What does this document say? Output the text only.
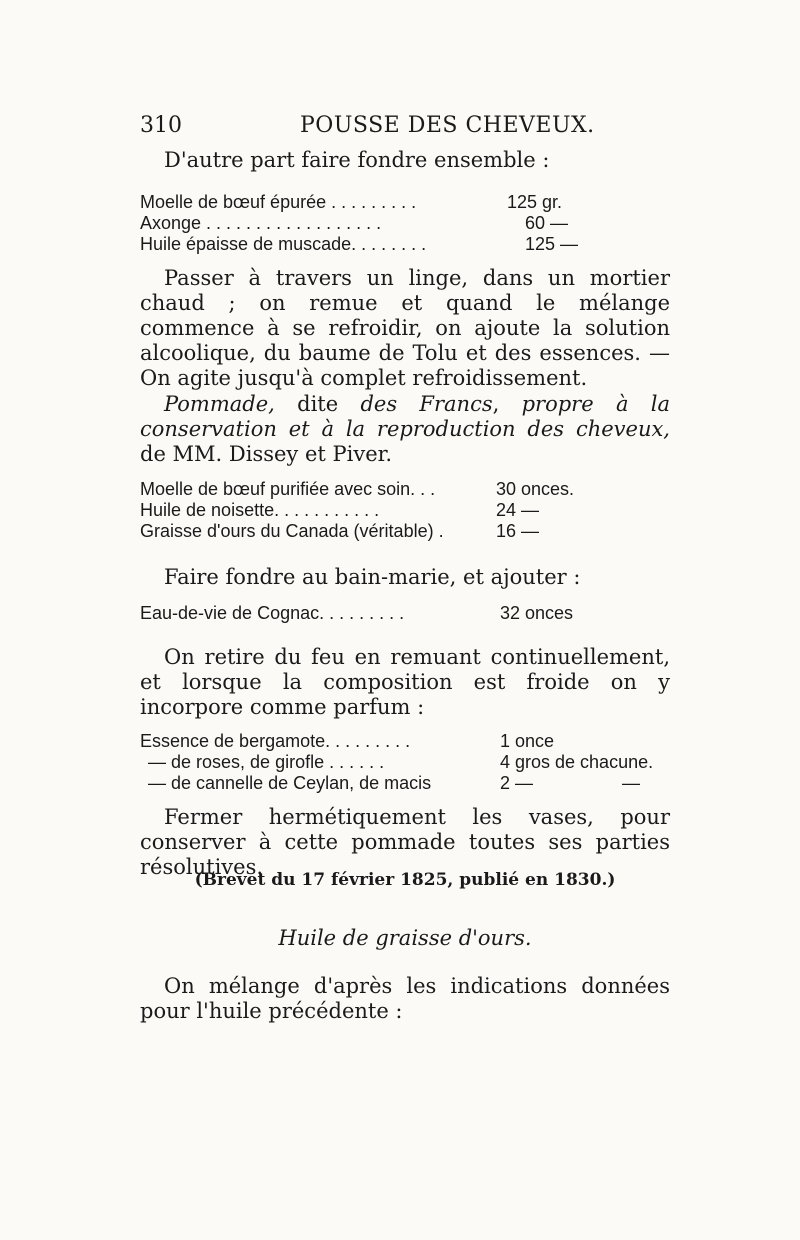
310	POUSSE DES CHEVEUX.
D'autre part faire fondre ensemble :
Moelle de bœuf épurée . . . . . . . . .	125 gr.
Axonge . . . . . . . . . . . . . . . . . .	60 —
Huile épaisse de muscade. . . . . . . .	125 —
Passer à travers un linge, dans un mortier chaud ; on remue et quand le mélange commence à se refroidir, on ajoute la solution alcoolique, du baume de Tolu et des essences. — On agite jusqu'à complet refroidissement.
Pommade, dite des Francs, propre à la conservation et à la reproduction des cheveux, de MM. Dissey et Piver.
Moelle de bœuf purifiée avec soin. . .	30 onces.
Huile de noisette. . . . . . . . . . .	24 —
Graisse d'ours du Canada (véritable) .	16 —
Faire fondre au bain-marie, et ajouter :
Eau-de-vie de Cognac. . . . . . . . .	32 onces
On retire du feu en remuant continuellement, et lorsque la composition est froide on y incorpore comme parfum :
Essence de bergamote. . . . . . . . .	1 once
— de roses, de girofle . . . . . .	4 gros de chacune.
— de cannelle de Ceylan, de macis	2 —	—
Fermer hermétiquement les vases, pour conserver à cette pommade toutes ses parties résolutives.
(Brevet du 17 février 1825, publié en 1830.)
Huile de graisse d'ours.
On mélange d'après les indications données pour l'huile précédente :
